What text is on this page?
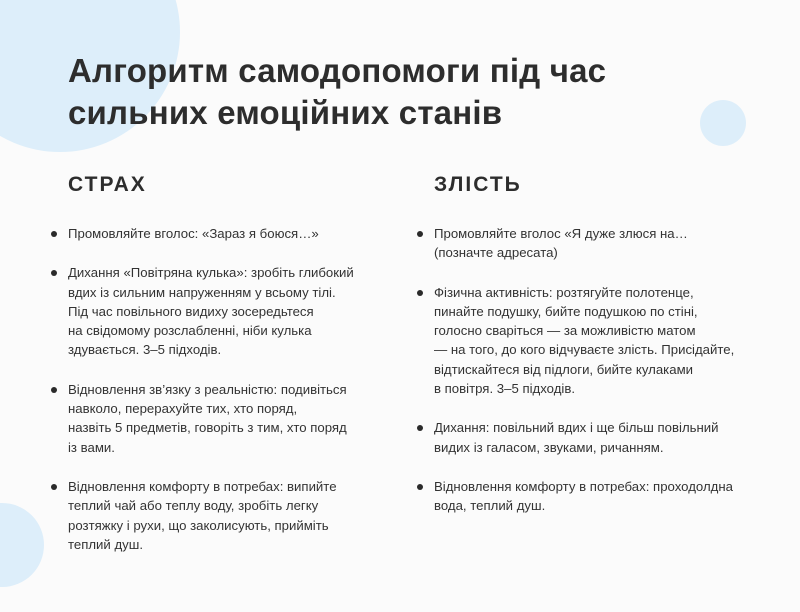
Алгоритм самодопомоги під час
сильних емоційних станів
СТРАХ
Промовляйте вголос: «Зараз я боюся…»
Дихання «Повітряна кулька»: зробіть глибокий
вдих із сильним напруженням у всьому тілі.
Під час повільного видиху зосередьтеся
на свідомому розслабленні, ніби кулька
здувається. 3–5 підходів.
Відновлення зв’язку з реальністю: подивіться
навколо, перерахуйте тих, хто поряд,
назвіть 5 предметів, говоріть з тим, хто поряд
із вами.
Відновлення комфорту в потребах: випийте
теплий чай або теплу воду, зробіть легку
розтяжку і рухи, що заколисують, прийміть
теплий душ.
ЗЛІСТЬ
Промовляйте вголос «Я дуже злюся на…
(позначте адресата)
Фізична активність: розтягуйте полотенце,
пинайте подушку, бийте подушкою по стіні,
голосно сваріться — за можливістю матом
— на того, до кого відчуваєте злість. Присідайте,
відтискайтеся від підлоги, бийте кулаками
в повітря. 3–5 підходів.
Дихання: повільний вдих і ще більш повільний
видих із галасом, звуками, ричанням.
Відновлення комфорту в потребах: проходолдна
вода, теплий душ.
